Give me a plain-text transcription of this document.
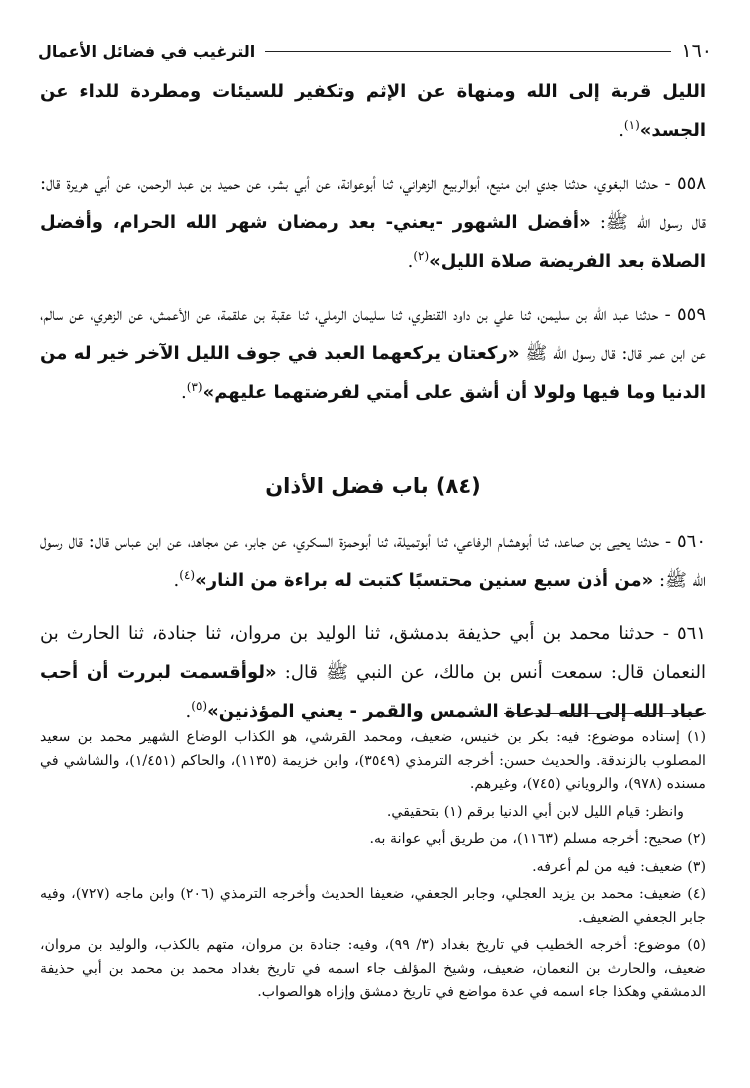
١٦٠
الترغيب في فضائل الأعمال

الليل قربة إلى الله ومنهاة عن الإثم وتكفير للسيئات ومطردة للداء عن الجسد»$^{(١)}$.

٥٥٨ - حدثنا البغوي، حدثنا جدي ابن منيع، أبوالربيع الزهراني، ثنا أبوعوانة، عن أبي بشر، عن حميد بن عبد الرحمن، عن أبي هريرة قال: قال رسول الله ﷺ: «أفضل الشهور -يعني- بعد رمضان شهر الله الحرام، وأفضل الصلاة بعد الفريضة صلاة الليل»$^{(٢)}$.

٥٥٩ - حدثنا عبد الله بن سليمن، ثنا علي بن داود القنطري، ثنا سليمان الرملي، ثنا عقبة بن علقمة، عن الأعمش، عن الزهري، عن سالم، عن ابن عمر قال: قال رسول الله ﷺ «ركعتان يركعهما العبد في جوف الليل الآخر خير له من الدنيا وما فيها ولولا أن أشق على أمتي لفرضتهما عليهم»$^{(٣)}$.

(٨٤) باب فضل الأذان

٥٦٠ - حدثنا يحيى بن صاعد، ثنا أبوهشام الرفاعي، ثنا أبوتميلة، ثنا أبوحمزة السكري، عن جابر، عن مجاهد، عن ابن عباس قال: قال رسول الله ﷺ: «من أذن سبع سنين محتسبًا كتبت له براءة من النار»$^{(٤)}$.

٥٦١ - حدثنا محمد بن أبي حذيفة بدمشق، ثنا الوليد بن مروان، ثنا جنادة، ثنا الحارث بن النعمان قال: سمعت أنس بن مالك، عن النبي ﷺ قال: «لوأقسمت لبررت أن أحب عباد الله إلى الله لدعاة الشمس والقمر - يعني المؤذنين»$^{(٥)}$.

(١) إسناده موضوع: فيه: بكر بن خنيس، ضعيف، ومحمد القرشي، هو الكذاب الوضاع الشهير محمد بن سعيد المصلوب بالزندقة. والحديث حسن: أخرجه الترمذي (٣٥٤٩)، وابن خزيمة (١١٣٥)، والحاكم (١/٤٥١)، والشاشي في مسنده (٩٧٨)، والروياني (٧٤٥)، وغيرهم.

وانظر: قيام الليل لابن أبي الدنيا برقم (١) بتحقيقي.

(٢) صحيح: أخرجه مسلم (١١٦٣)، من طريق أبي عوانة به.

(٣) ضعيف: فيه من لم أعرفه.

(٤) ضعيف: محمد بن يزيد العجلي، وجابر الجعفي، ضعيفا الحديث وأخرجه الترمذي (٢٠٦) وابن ماجه (٧٢٧)، وفيه جابر الجعفي الضعيف.

(٥) موضوع: أخرجه الخطيب في تاريخ بغداد (٣/ ٩٩)، وفيه: جنادة بن مروان، متهم بالكذب، والوليد بن مروان، ضعيف، والحارث بن النعمان، ضعيف، وشيخ المؤلف جاء اسمه في تاريخ بغداد محمد بن محمد بن أبي حذيفة الدمشقي وهكذا جاء اسمه في عدة مواضع في تاريخ دمشق وإزاه هوالصواب.
